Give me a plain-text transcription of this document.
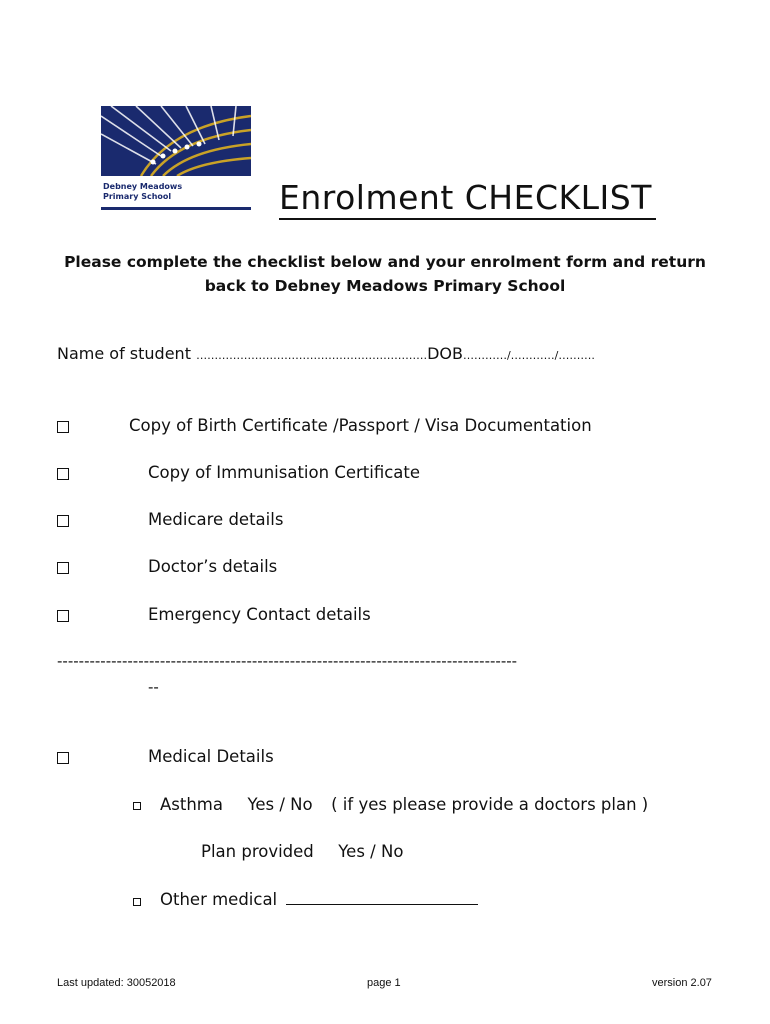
Debney Meadows
Primary School	Enrolment CHECKLIST
Please complete the checklist below and your enrolment form and return
back to Debney Meadows Primary School
Name of student ………………………………………………………DOB…………/…………/……….
Copy of Birth Certificate /Passport / Visa Documentation
Copy of Immunisation Certificate
Medicare details
Doctor’s details
Emergency Contact details
-------------------------------------------------------------------------------------
--
Medical Details
Asthma Yes / No ( if yes please provide a doctors plan )
Plan provided Yes / No
Other medical
Last updated: 30052018	page 1	version 2.07
